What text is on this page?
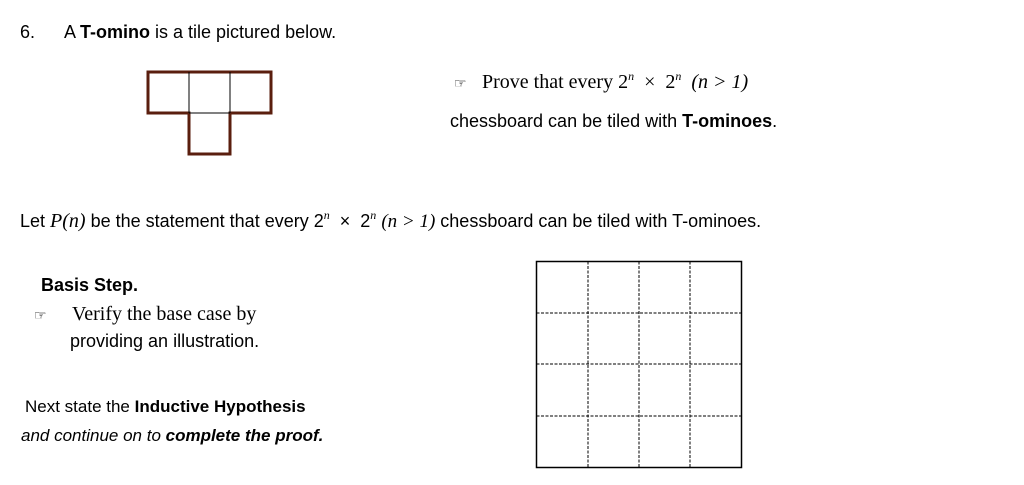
6. A T-omino is a tile pictured below.
☞ Prove that every $2^n \times 2^n$ (n > 1)
chessboard can be tiled with T-ominoes.
Let P(n) be the statement that every $2^n \times 2^n$ (n > 1) chessboard can be tiled with T-ominoes.
Basis Step.
☞ Verify the base case by
providing an illustration.
Next state the Inductive Hypothesis
and continue on to complete the proof.
